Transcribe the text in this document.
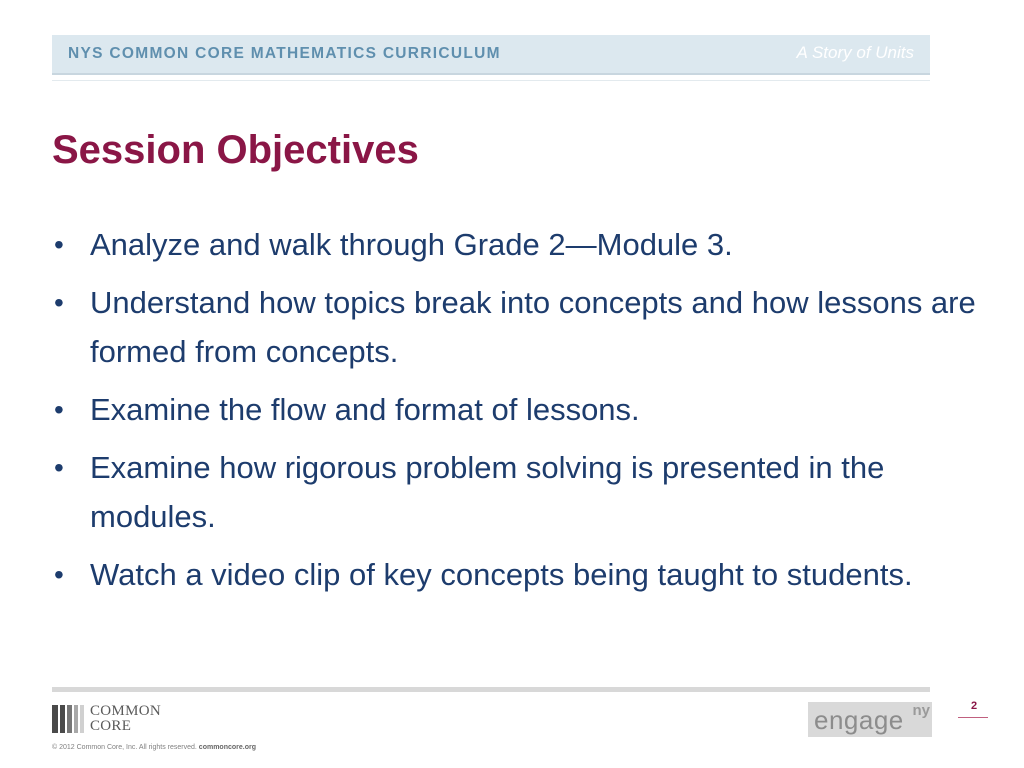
NYS COMMON CORE MATHEMATICS CURRICULUM	A Story of Units
Session Objectives
• Analyze and walk through Grade 2—Module 3.
• Understand how topics break into concepts and how lessons are formed from concepts.
• Examine the flow and format of lessons.
• Examine how rigorous problem solving is presented in the modules.
• Watch a video clip of key concepts being taught to students.
COMMON
CORE
© 2012 Common Core, Inc. All rights reserved. commoncore.org
engage ny	2
